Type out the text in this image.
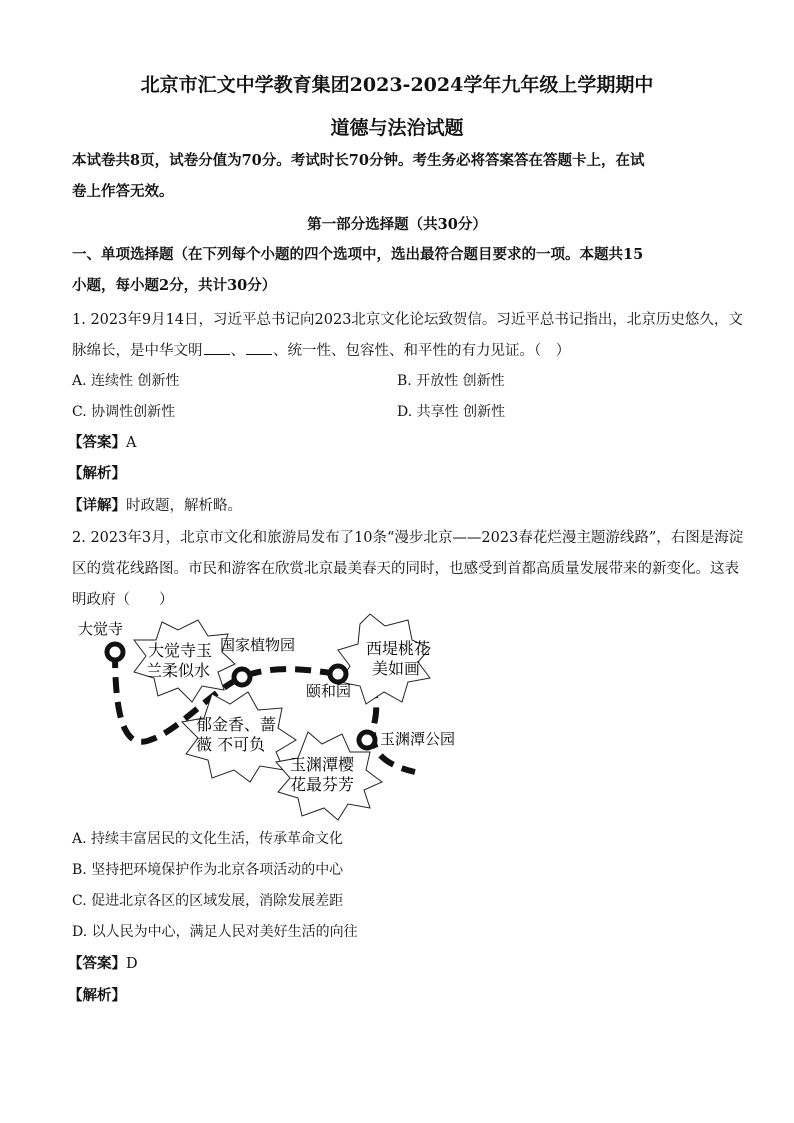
北京市汇文中学教育集团2023-2024学年九年级上学期期中
道德与法治试题
本试卷共8页，试卷分值为70分。考试时长70分钟。考生务必将答案答在答题卡上，在试
卷上作答无效。
第一部分选择题（共30分）
一、单项选择题（在下列每个小题的四个选项中，选出最符合题目要求的一项。本题共15
小题，每小题2分，共计30分）
1. 2023年9月14日，习近平总书记向2023北京文化论坛致贺信。习近平总书记指出，北京历史悠久，文
脉绵长，是中华文明 、 、统一性、包容性、和平性的有力见证。（　）
A. 连续性 创新性	B. 开放性 创新性
C. 协调性创新性	D. 共享性 创新性
【答案】A
【解析】
【详解】时政题，解析略。
2. 2023年3月，北京市文化和旅游局发布了10条“漫步北京——2023春花烂漫主题游线路”，右图是海淀
区的赏花线路图。市民和游客在欣赏北京最美春天的同时，也感受到首都高质量发展带来的新变化。这表
明政府（　　）
大觉寺
国家植物园
颐和园
玉渊潭公园
大觉寺玉
兰柔似水
西堤桃花
美如画
郁金香、蔷
薇 不可负
玉渊潭樱
花最芬芳
A. 持续丰富居民的文化生活，传承革命文化
B. 坚持把环境保护作为北京各项活动的中心
C. 促进北京各区的区域发展，消除发展差距
D. 以人民为中心，满足人民对美好生活的向往
【答案】D
【解析】
